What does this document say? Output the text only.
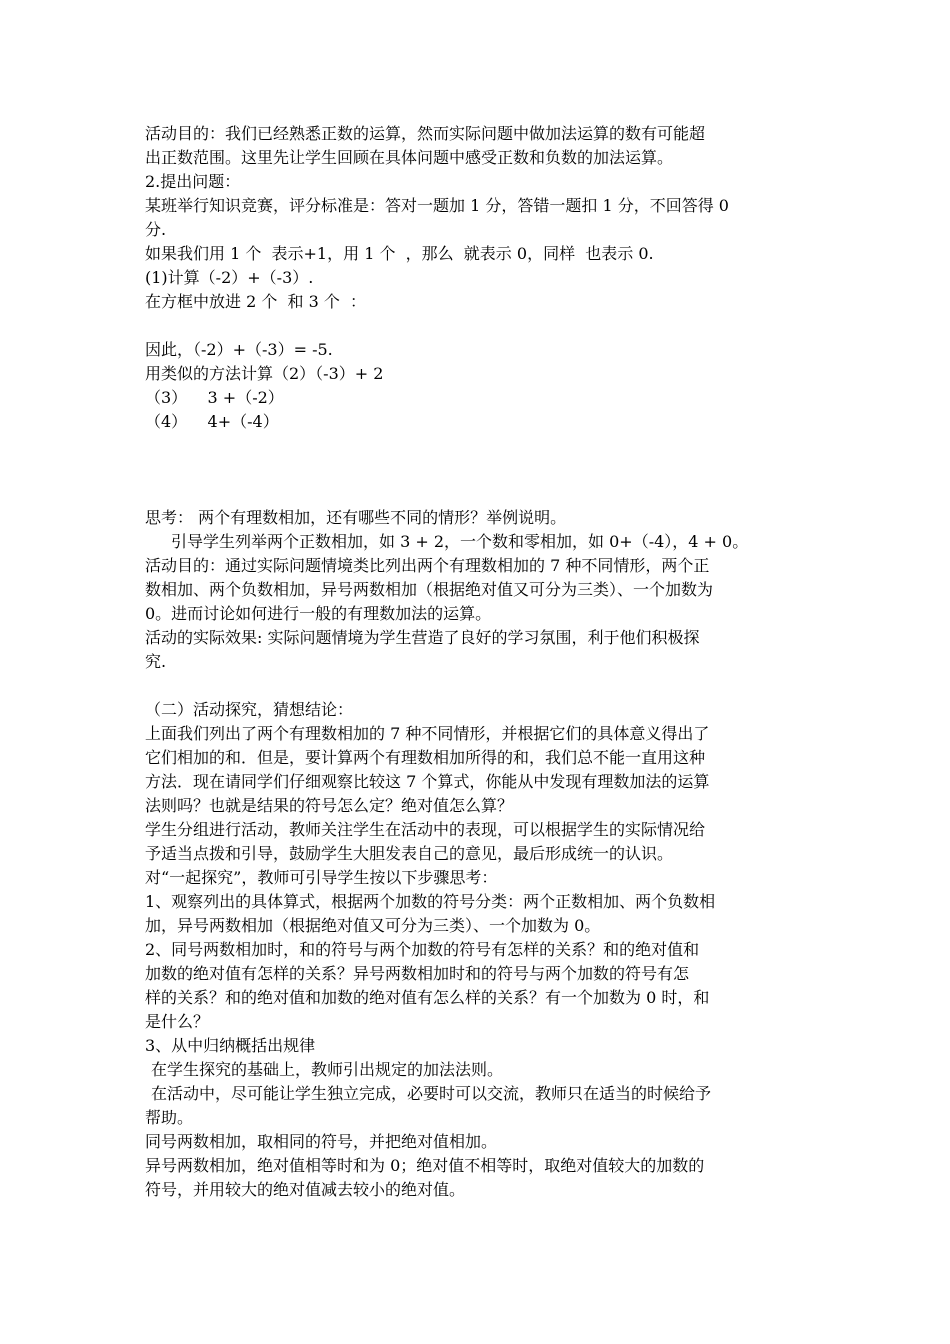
活动目的：我们已经熟悉正数的运算，然而实际问题中做加法运算的数有可能超
出正数范围。这里先让学生回顾在具体问题中感受正数和负数的加法运算。
2.提出问题：
某班举行知识竞赛，评分标准是：答对一题加 1 分，答错一题扣 1 分，不回答得 0
分.
如果我们用 1 个  表示+1，用 1 个  ，那么  就表示 0，同样  也表示 0.
(1)计算（-2）+（-3）.
在方框中放进 2 个  和 3 个  ：
因此，（-2）+（-3）= -5.
用类似的方法计算（2）（-3）+ 2
（3）    3 +（-2）
（4）    4+（-4）
思考： 两个有理数相加，还有哪些不同的情形？举例说明。
引导学生列举两个正数相加，如 3 + 2，一个数和零相加，如 0+（-4），4 + 0。
活动目的：通过实际问题情境类比列出两个有理数相加的 7 种不同情形，两个正
数相加、两个负数相加，异号两数相加（根据绝对值又可分为三类）、一个加数为
0。进而讨论如何进行一般的有理数加法的运算。
活动的实际效果: 实际问题情境为学生营造了良好的学习氛围，利于他们积极探
究.
（二）活动探究，猜想结论：
上面我们列出了两个有理数相加的 7 种不同情形，并根据它们的具体意义得出了
它们相加的和．但是，要计算两个有理数相加所得的和，我们总不能一直用这种
方法．现在请同学们仔细观察比较这 7 个算式，你能从中发现有理数加法的运算
法则吗？也就是结果的符号怎么定？绝对值怎么算？
学生分组进行活动，教师关注学生在活动中的表现，可以根据学生的实际情况给
予适当点拨和引导，鼓励学生大胆发表自己的意见，最后形成统一的认识。
对“一起探究”，教师可引导学生按以下步骤思考：
1、观察列出的具体算式，根据两个加数的符号分类：两个正数相加、两个负数相
加，异号两数相加（根据绝对值又可分为三类）、一个加数为 0。
2、同号两数相加时，和的符号与两个加数的符号有怎样的关系？和的绝对值和
加数的绝对值有怎样的关系？异号两数相加时和的符号与两个加数的符号有怎
样的关系？和的绝对值和加数的绝对值有怎么样的关系？有一个加数为 0 时，和
是什么？
3、从中归纳概括出规律
在学生探究的基础上，教师引出规定的加法法则。
在活动中，尽可能让学生独立完成，必要时可以交流，教师只在适当的时候给予
帮助。
同号两数相加，取相同的符号，并把绝对值相加。
异号两数相加，绝对值相等时和为 0；绝对值不相等时，取绝对值较大的加数的
符号，并用较大的绝对值减去较小的绝对值。
